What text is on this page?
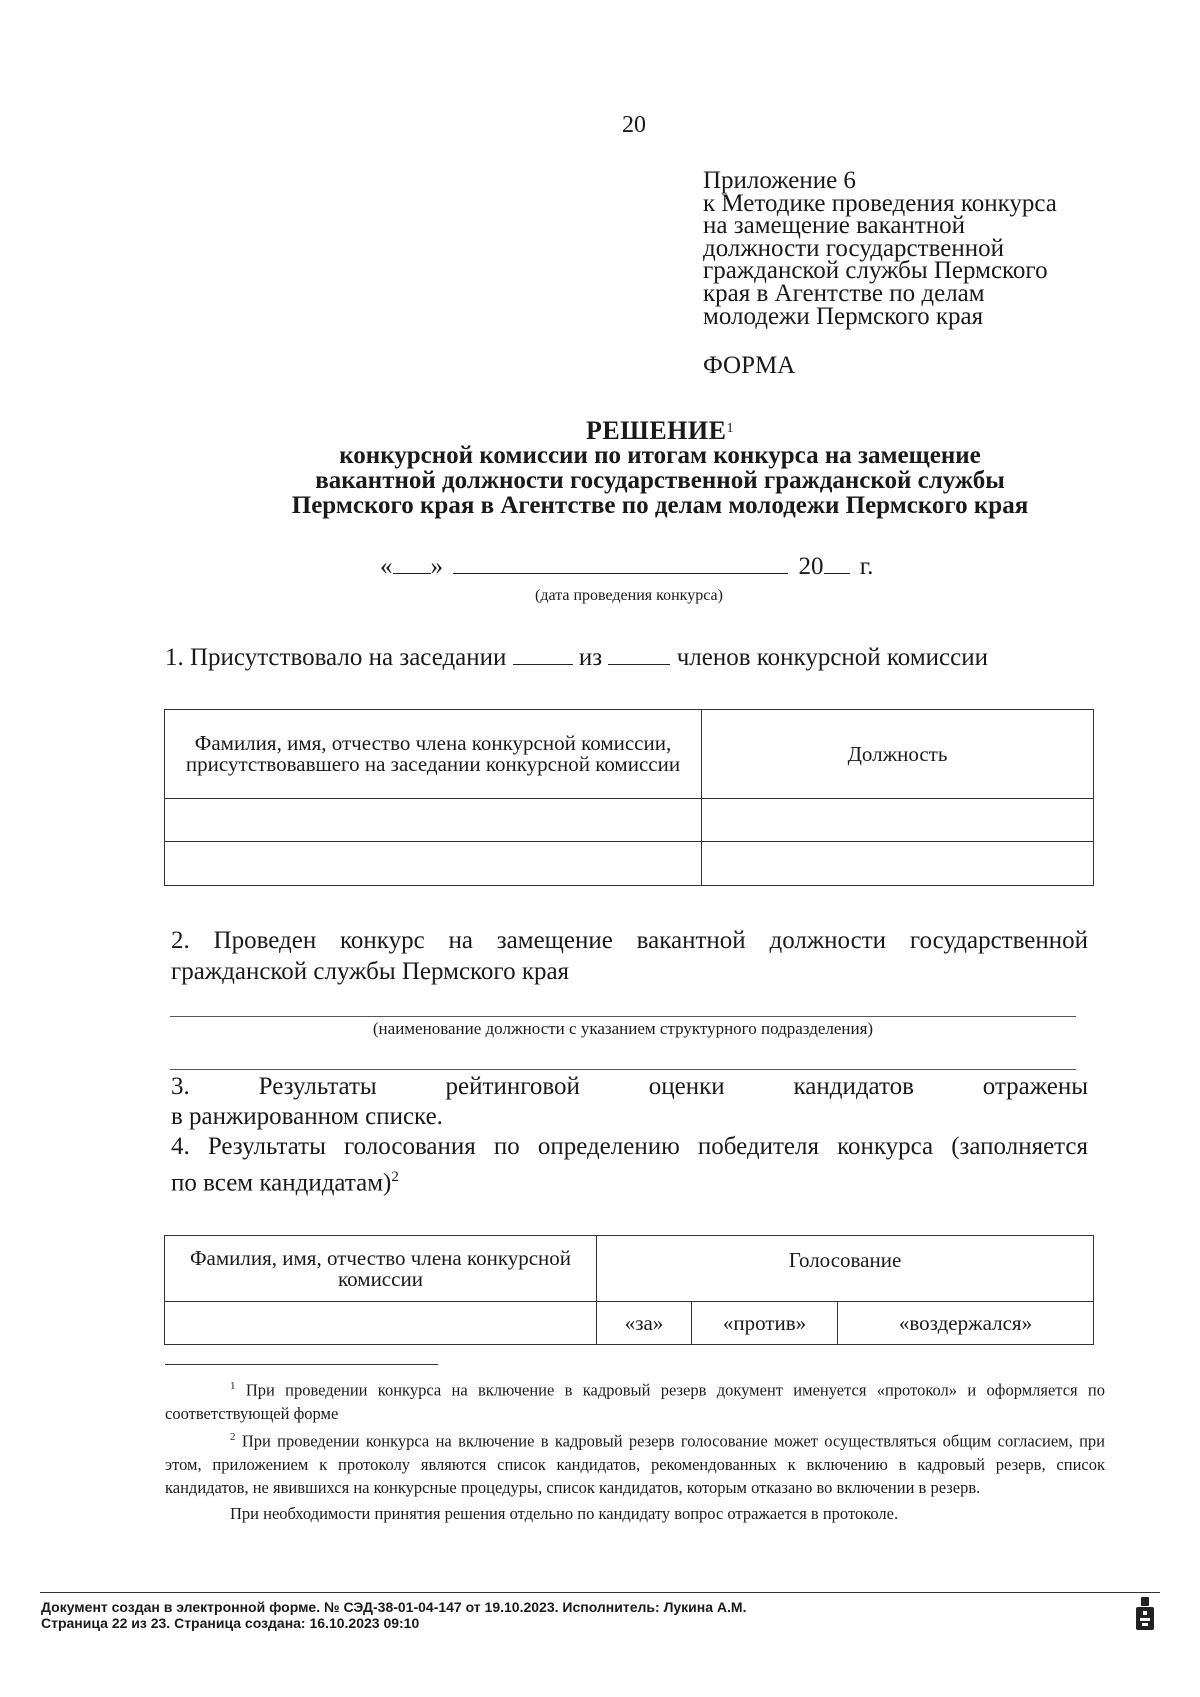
20
Приложение 6
к Методике проведения конкурса
на замещение вакантной
должности государственной
гражданской службы Пермского
края в Агентстве по делам
молодежи Пермского края
ФОРМА
РЕШЕНИЕ$^1$
конкурсной комиссии по итогам конкурса на замещение
вакантной должности государственной гражданской службы
Пермского края в Агентстве по делам молодежи Пермского края
« »	20 г.
(дата проведения конкурса)
1. Присутствовало на заседании	из	членов конкурсной комиссии
Фамилия, имя, отчество члена конкурсной комиссии, присутствовавшего на заседании конкурсной комиссии	Должность

2. Проведен конкурс на замещение вакантной должности государственной
гражданской службы Пермского края
(наименование должности с указанием структурного подразделения)
3. Результаты рейтинговой оценки кандидатов отражены
в ранжированном списке.
4. Результаты голосования по определению победителя конкурса (заполняется
по всем кандидатам)$^2$
Фамилия, имя, отчество члена конкурсной комиссии	Голосование		
	«за»	«против»	«воздержался»

$^1$ При проведении конкурса на включение в кадровый резерв документ именуется «протокол» и оформляется по соответствующей форме

$^2$ При проведении конкурса на включение в кадровый резерв голосование может осуществляться общим согласием, при этом, приложением к протоколу являются список кандидатов, рекомендованных к включению в кадровый резерв, список кандидатов, не явившихся на конкурсные процедуры, список кандидатов, которым отказано во включении в резерв.

При необходимости принятия решения отдельно по кандидату вопрос отражается в протоколе.

Документ создан в электронной форме. № СЭД-38-01-04-147 от 19.10.2023. Исполнитель: Лукина А.М.
Страница 22 из 23. Страница создана: 16.10.2023 09:10
